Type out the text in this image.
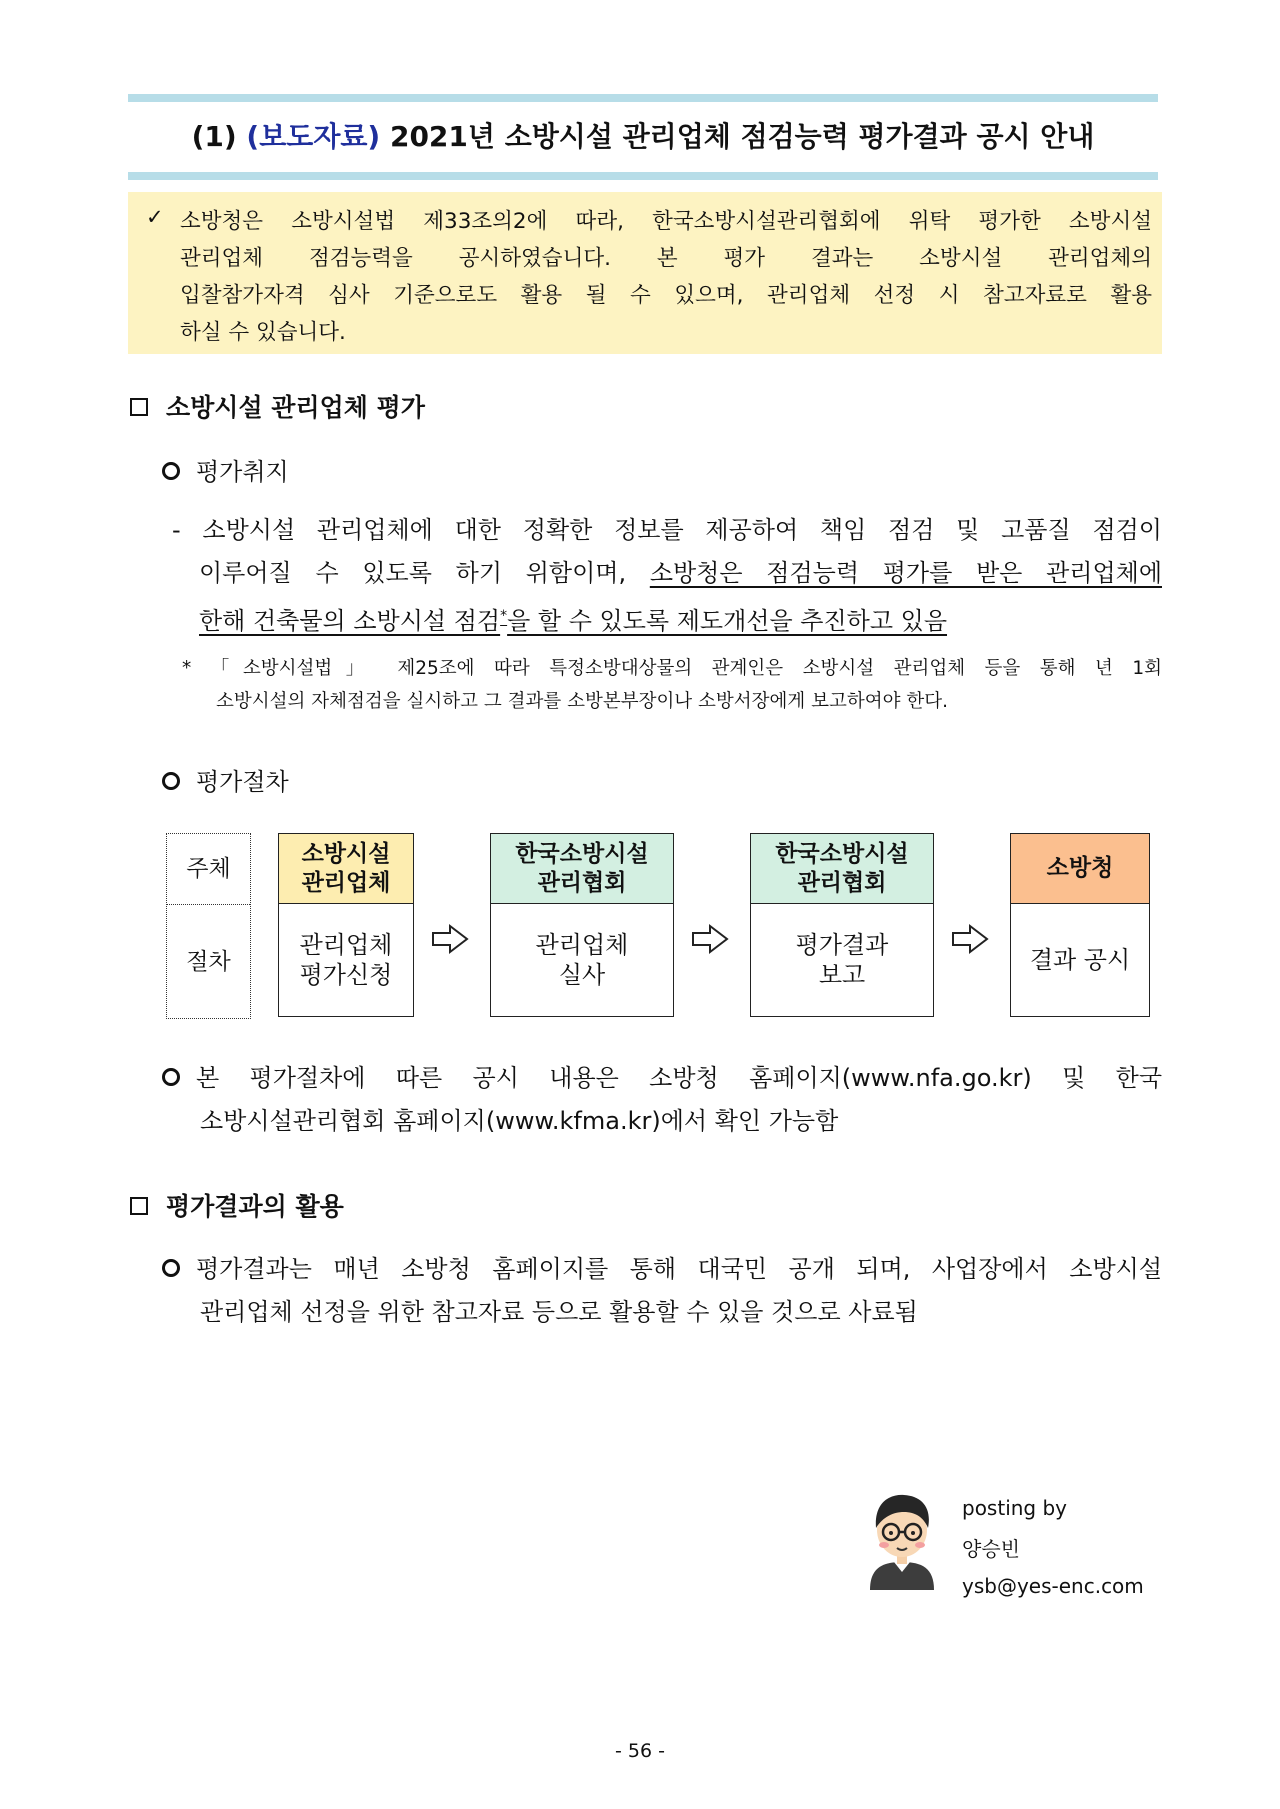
(1) (보도자료) 2021년 소방시설 관리업체 점검능력 평가결과 공시 안내
✓ 소방청은 소방시설법 제33조의2에 따라, 한국소방시설관리협회에 위탁 평가한 소방시설
관리업체 점검능력을 공시하였습니다. 본 평가 결과는 소방시설 관리업체의
입찰참가자격 심사 기준으로도 활용 될 수 있으며, 관리업체 선정 시 참고자료로 활용
하실 수 있습니다.
소방시설 관리업체 평가
평가취지
- 소방시설 관리업체에 대한 정확한 정보를 제공하여 책임 점검 및 고품질 점검이
이루어질 수 있도록 하기 위함이며, 소방청은 점검능력 평가를 받은 관리업체에
한해 건축물의 소방시설 점검*을 할 수 있도록 제도개선을 추진하고 있음
* 「소방시설법」 제25조에 따라 특정소방대상물의 관계인은 소방시설 관리업체 등을 통해 년 1회
소방시설의 자체점검을 실시하고 그 결과를 소방본부장이나 소방서장에게 보고하여야 한다.
평가절차
주체
절차
소방시설
관리업체
관리업체
평가신청
한국소방시설
관리협회
관리업체
실사
한국소방시설
관리협회
평가결과
보고
소방청
결과 공시
본 평가절차에 따른 공시 내용은 소방청 홈페이지(www.nfa.go.kr) 및 한국
소방시설관리협회 홈페이지(www.kfma.kr)에서 확인 가능함
평가결과의 활용
평가결과는 매년 소방청 홈페이지를 통해 대국민 공개 되며, 사업장에서 소방시설
관리업체 선정을 위한 참고자료 등으로 활용할 수 있을 것으로 사료됨
posting by
양승빈
ysb@yes-enc.com
- 56 -
